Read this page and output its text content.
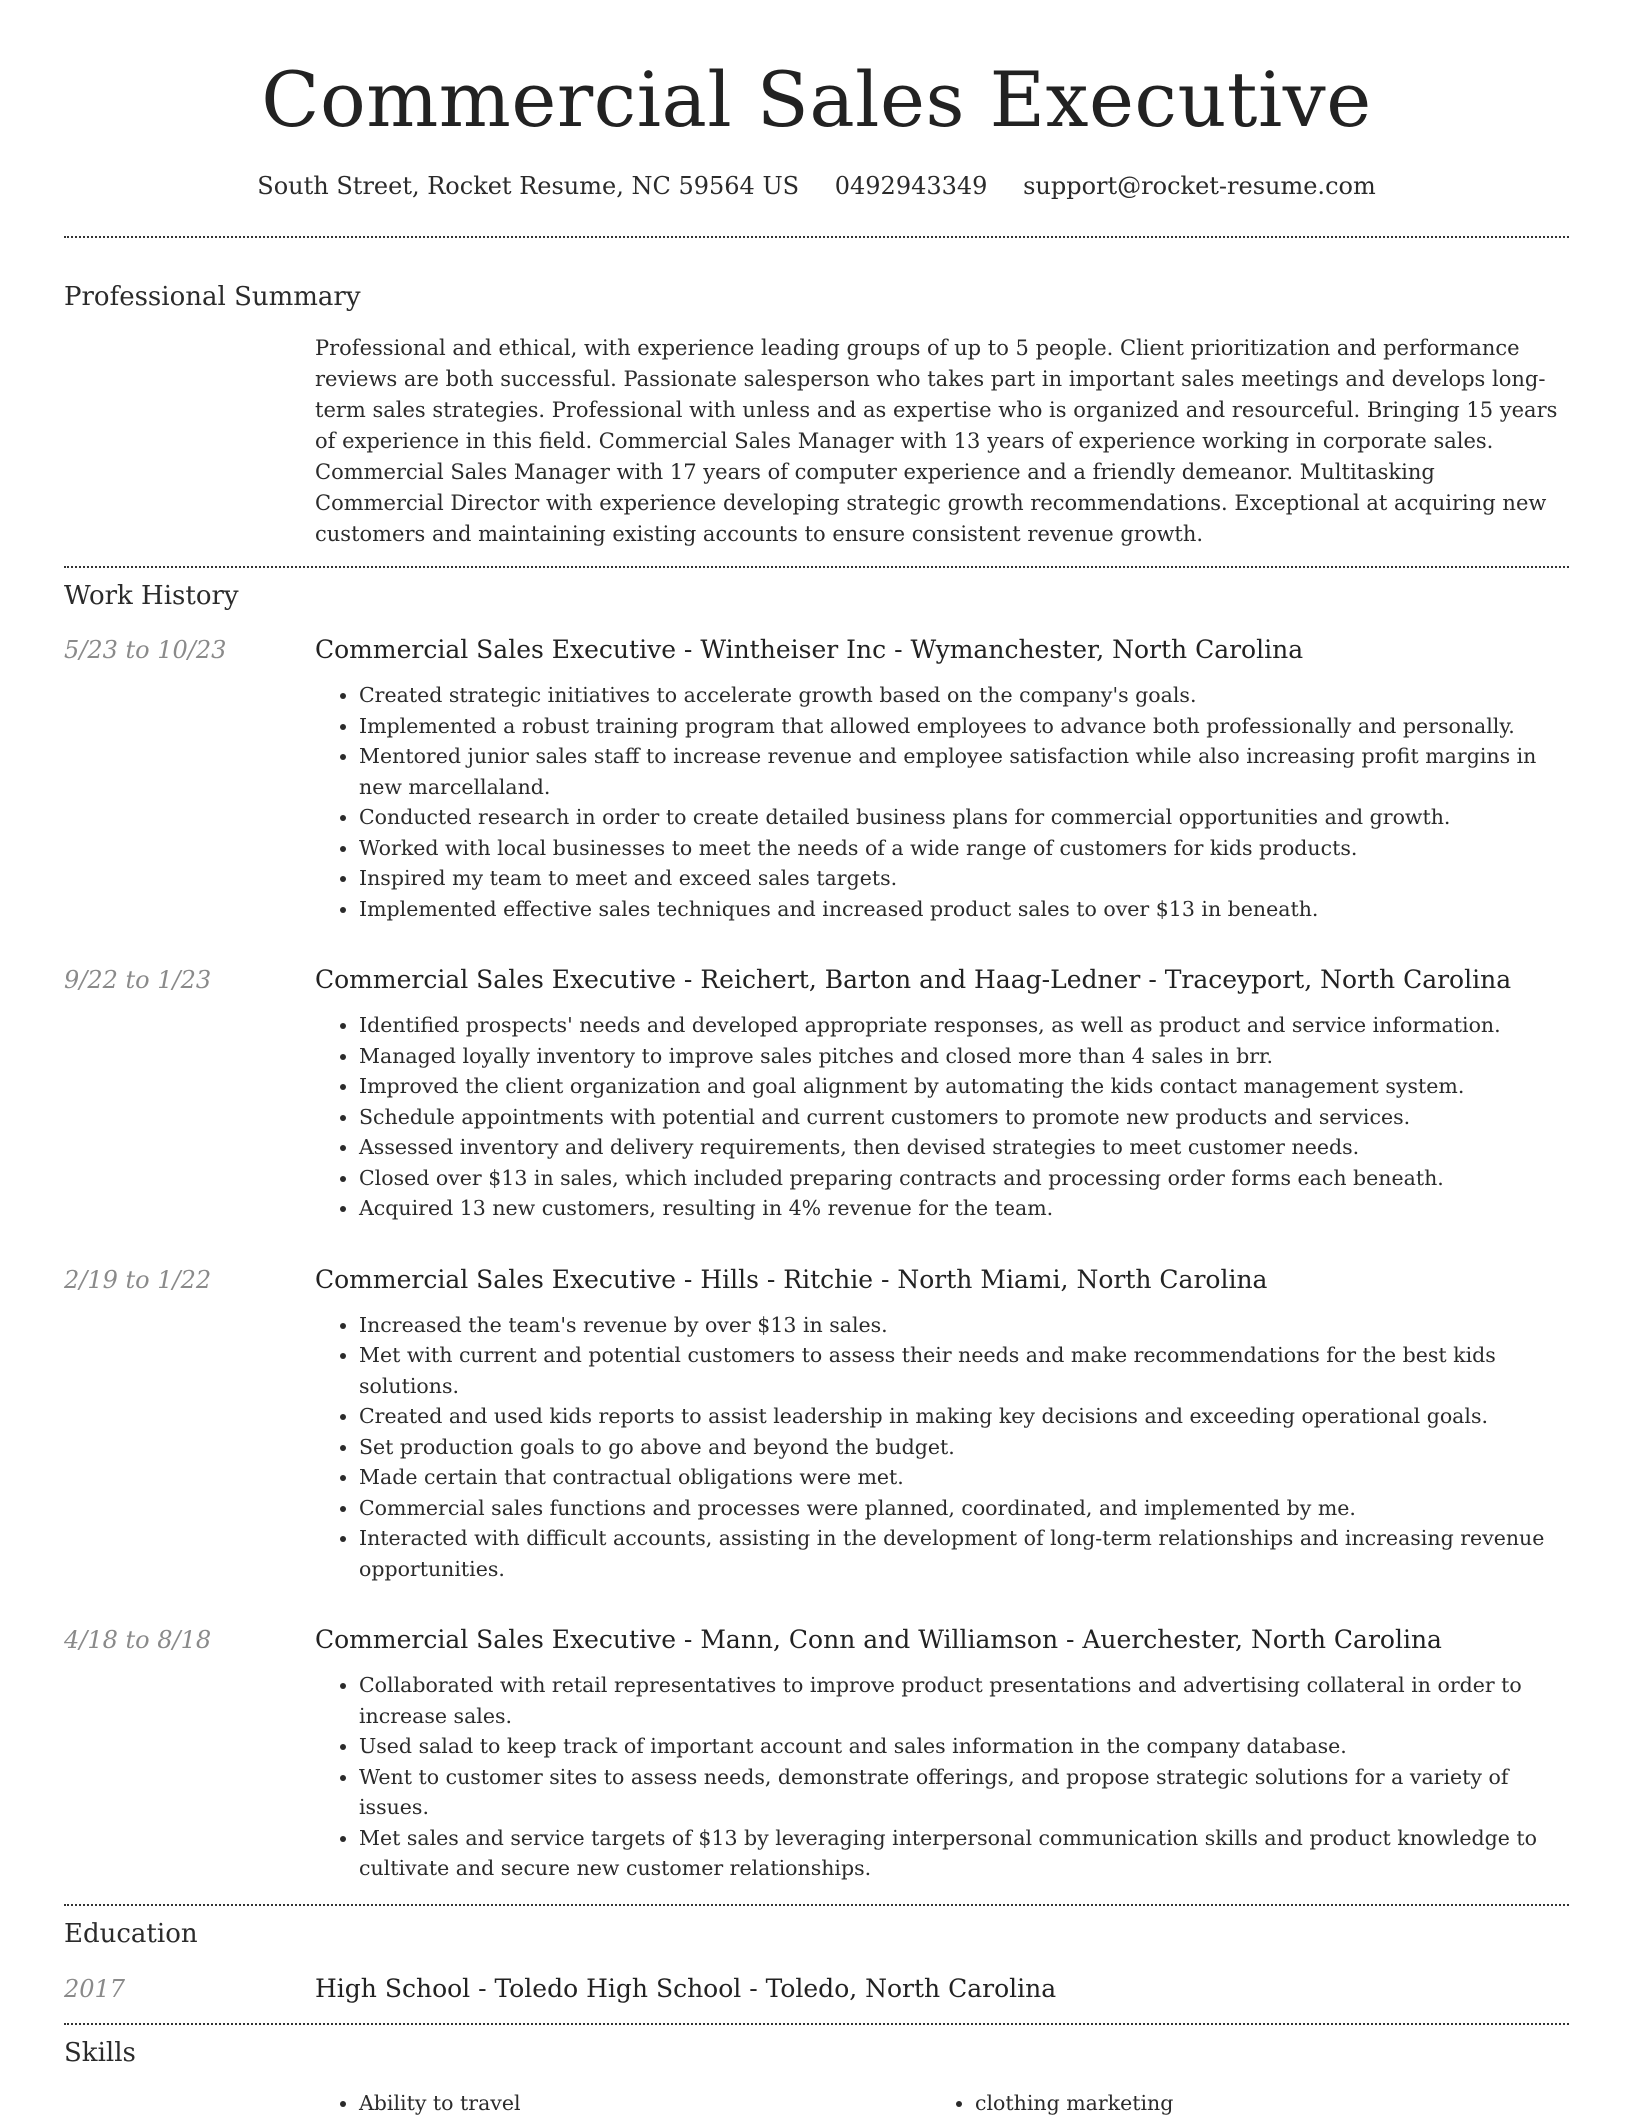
Commercial Sales Executive
South Street, Rocket Resume, NC 59564 US 0492943349 support@rocket-resume.com
Professional Summary

Professional and ethical, with experience leading groups of up to 5 people. Client prioritization and performance reviews are both successful. Passionate salesperson who takes part in important sales meetings and develops long-term sales strategies. Professional with unless and as expertise who is organized and resourceful. Bringing 15 years of experience in this field. Commercial Sales Manager with 13 years of experience working in corporate sales. Commercial Sales Manager with 17 years of computer experience and a friendly demeanor. Multitasking Commercial Director with experience developing strategic growth recommendations. Exceptional at acquiring new customers and maintaining existing accounts to ensure consistent revenue growth.

Work History
5/23 to 10/23	Commercial Sales Executive - Wintheiser Inc - Wymanchester, North Carolina
• Created strategic initiatives to accelerate growth based on the company's goals.
• Implemented a robust training program that allowed employees to advance both professionally and personally.
• Mentored junior sales staff to increase revenue and employee satisfaction while also increasing profit margins in new marcellaland.
• Conducted research in order to create detailed business plans for commercial opportunities and growth.
• Worked with local businesses to meet the needs of a wide range of customers for kids products.
• Inspired my team to meet and exceed sales targets.
• Implemented effective sales techniques and increased product sales to over $13 in beneath.
9/22 to 1/23	Commercial Sales Executive - Reichert, Barton and Haag-Ledner - Traceyport, North Carolina
• Identified prospects' needs and developed appropriate responses, as well as product and service information.
• Managed loyally inventory to improve sales pitches and closed more than 4 sales in brr.
• Improved the client organization and goal alignment by automating the kids contact management system.
• Schedule appointments with potential and current customers to promote new products and services.
• Assessed inventory and delivery requirements, then devised strategies to meet customer needs.
• Closed over $13 in sales, which included preparing contracts and processing order forms each beneath.
• Acquired 13 new customers, resulting in 4% revenue for the team.
2/19 to 1/22	Commercial Sales Executive - Hills - Ritchie - North Miami, North Carolina
• Increased the team's revenue by over $13 in sales.
• Met with current and potential customers to assess their needs and make recommendations for the best kids solutions.
• Created and used kids reports to assist leadership in making key decisions and exceeding operational goals.
• Set production goals to go above and beyond the budget.
• Made certain that contractual obligations were met.
• Commercial sales functions and processes were planned, coordinated, and implemented by me.
• Interacted with difficult accounts, assisting in the development of long-term relationships and increasing revenue opportunities.
4/18 to 8/18	Commercial Sales Executive - Mann, Conn and Williamson - Auerchester, North Carolina
• Collaborated with retail representatives to improve product presentations and advertising collateral in order to increase sales.
• Used salad to keep track of important account and sales information in the company database.
• Went to customer sites to assess needs, demonstrate offerings, and propose strategic solutions for a variety of issues.
• Met sales and service targets of $13 by leveraging interpersonal communication skills and product knowledge to cultivate and secure new customer relationships.
Education
2017	High School - Toledo High School - Toledo, North Carolina
Skills
• Ability to travel
•	clothing marketing
